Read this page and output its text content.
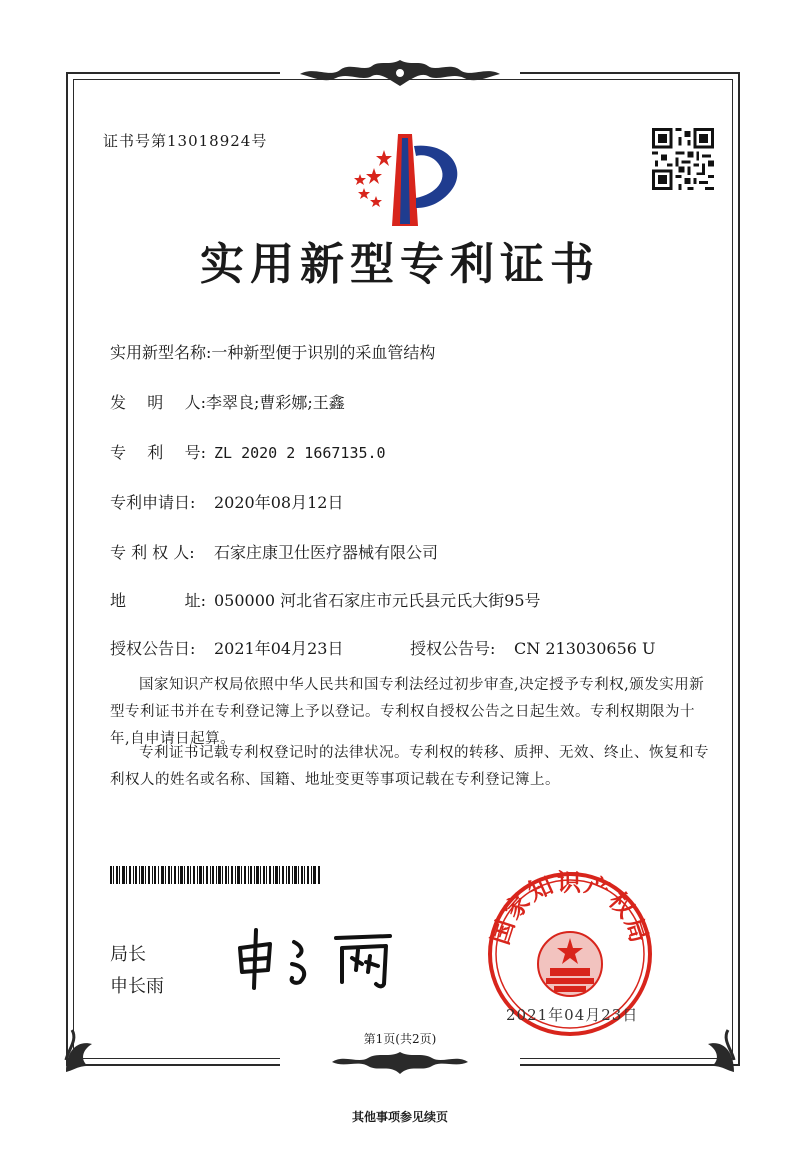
证书号第13018924号
实用新型专利证书
实用新型名称:一种新型便于识别的采血管结构
发 明 人: 李翠良;曹彩娜;王鑫
专 利 号: ZL 2020 2 1667135.0
专利申请日: 2020年08月12日
专 利 权 人: 石家庄康卫仕医疗器械有限公司
地	址: 050000 河北省石家庄市元氏县元氏大街95号
授权公告日: 2021年04月23日	授权公告号: CN 213030656 U
国家知识产权局依照中华人民共和国专利法经过初步审查,决定授予专利权,颁发实用新型专利证书并在专利登记簿上予以登记。专利权自授权公告之日起生效。专利权期限为十年,自申请日起算。
专利证书记载专利权登记时的法律状况。专利权的转移、质押、无效、终止、恢复和专利权人的姓名或名称、国籍、地址变更等事项记载在专利登记簿上。
局长
申长雨
国家知识产权局
2021年04月23日
第1页(共2页)
其他事项参见续页
